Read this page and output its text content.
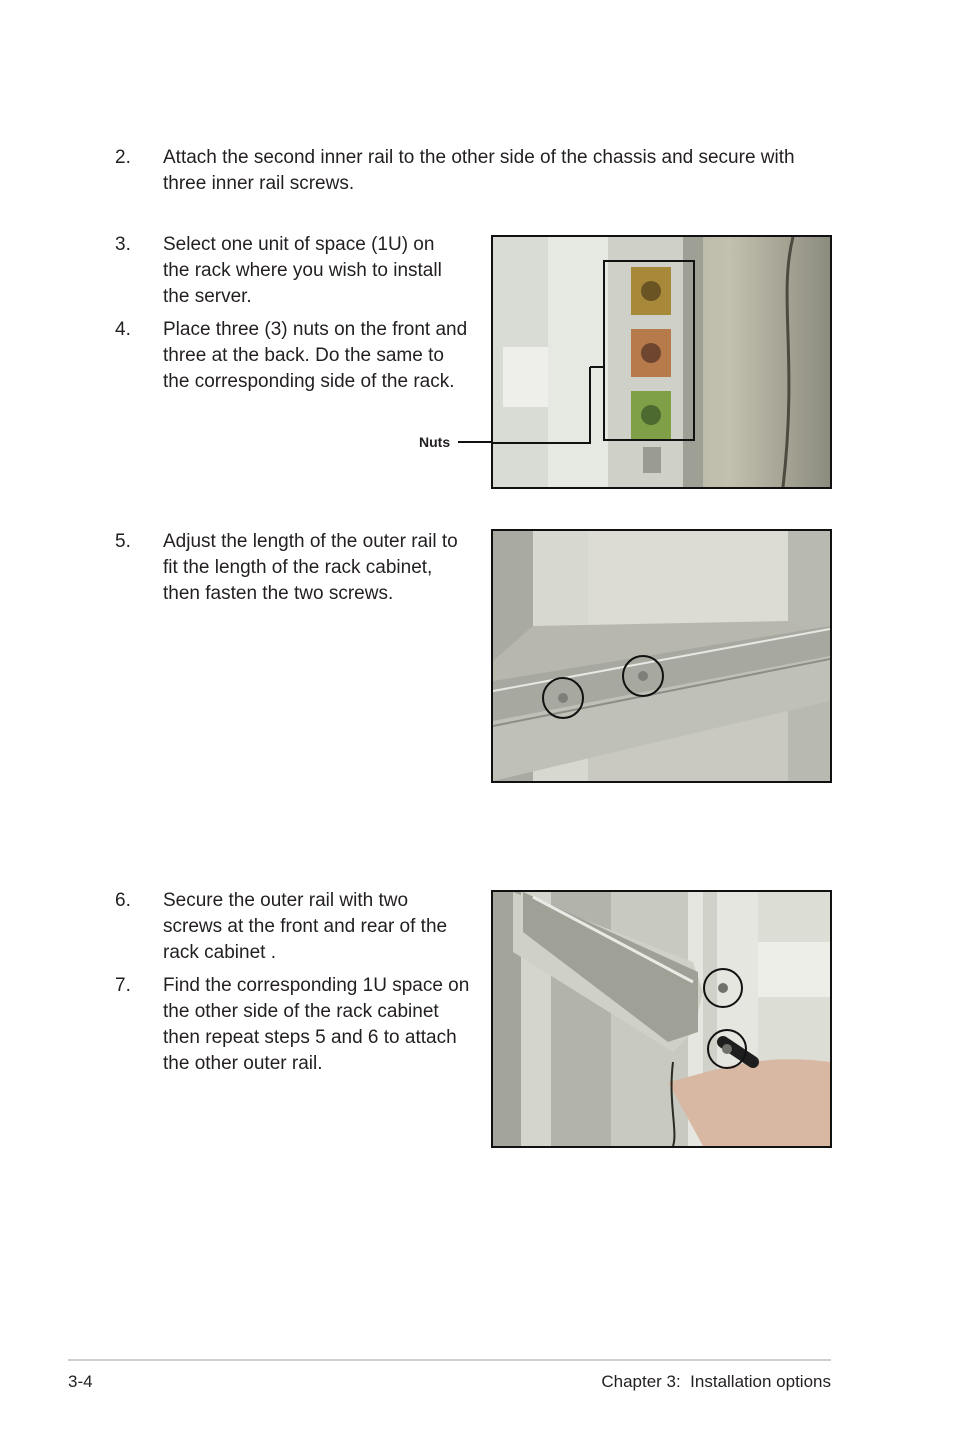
2. Attach the second inner rail to the other side of the chassis and secure with three inner rail screws.
3. Select one unit of space (1U) on the rack where you wish to install the server.
4. Place three (3) nuts on the front and three at the back. Do the same to the corresponding side of the rack.
Nuts
5. Adjust the length of the outer rail to fit the length of the rack cabinet, then fasten the two screws.
6. Secure the outer rail with two screws at the front and rear of the rack cabinet .
7. Find the corresponding 1U space on the other side of the rack cabinet then repeat steps 5 and 6 to attach the other outer rail.
3-4	Chapter 3:  Installation options
